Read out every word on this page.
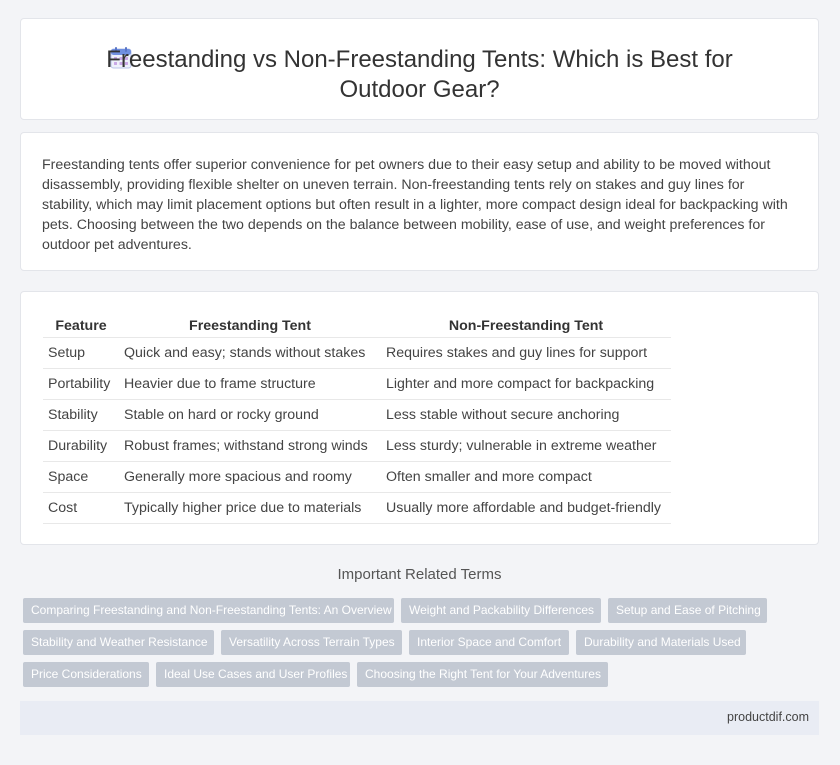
Freestanding vs Non-Freestanding Tents: Which is Best for Outdoor Gear?

Freestanding tents offer superior convenience for pet owners due to their easy setup and ability to be moved without disassembly, providing flexible shelter on uneven terrain. Non-freestanding tents rely on stakes and guy lines for stability, which may limit placement options but often result in a lighter, more compact design ideal for backpacking with pets. Choosing between the two depends on the balance between mobility, ease of use, and weight preferences for outdoor pet adventures.

Feature	Freestanding Tent	Non-Freestanding Tent
Setup	Quick and easy; stands without stakes	Requires stakes and guy lines for support
Portability	Heavier due to frame structure	Lighter and more compact for backpacking
Stability	Stable on hard or rocky ground	Less stable without secure anchoring
Durability	Robust frames; withstand strong winds	Less sturdy; vulnerable in extreme weather
Space	Generally more spacious and roomy	Often smaller and more compact
Cost	Typically higher price due to materials	Usually more affordable and budget-friendly
Important Related Terms
Comparing Freestanding and Non-Freestanding Tents: An Overview	Weight and Packability Differences	Setup and Ease of Pitching
Stability and Weather Resistance	Versatility Across Terrain Types	Interior Space and Comfort	Durability and Materials Used
Price Considerations	Ideal Use Cases and User Profiles	Choosing the Right Tent for Your Adventures
productdif.com
